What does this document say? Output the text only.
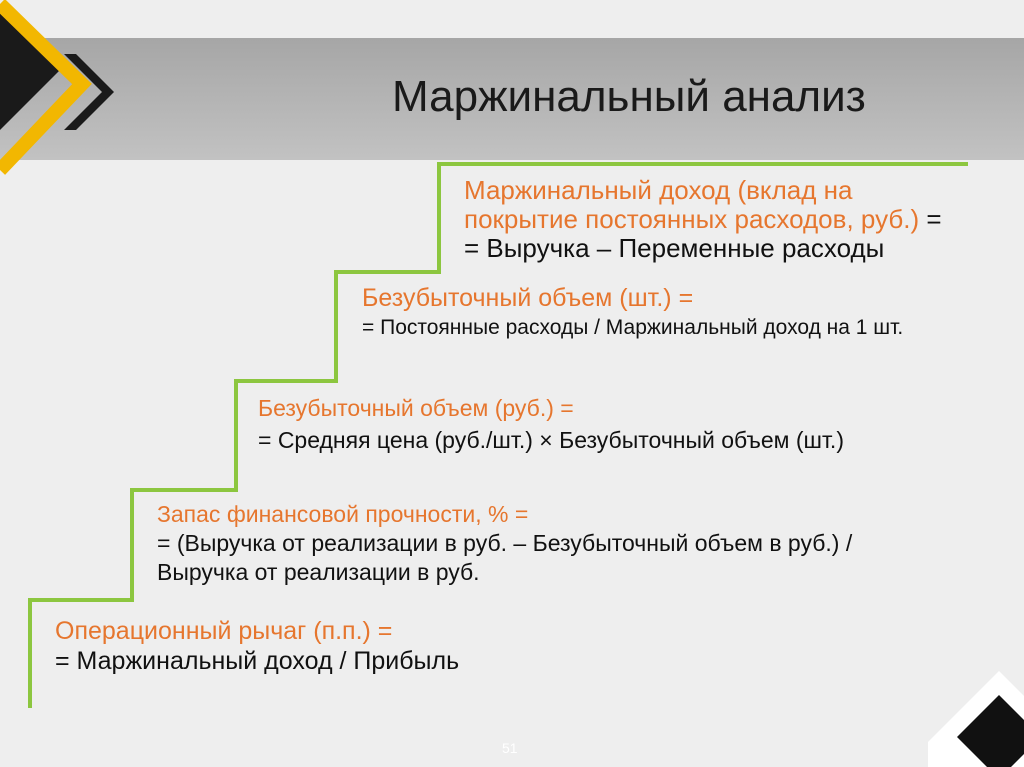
Маржинальный анализ
Маржинальный доход (вклад на
покрытие постоянных расходов, руб.) =
= Выручка – Переменные расходы
Безубыточный объем (шт.) =
= Постоянные расходы / Маржинальный доход на 1 шт.
Безубыточный объем (руб.) =
= Средняя цена (руб./шт.) × Безубыточный объем (шт.)
Запас финансовой прочности, % =
= (Выручка от реализации в руб. – Безубыточный объем в руб.) /
Выручка от реализации в руб.
Операционный рычаг (п.п.) =
= Маржинальный доход / Прибыль
51
